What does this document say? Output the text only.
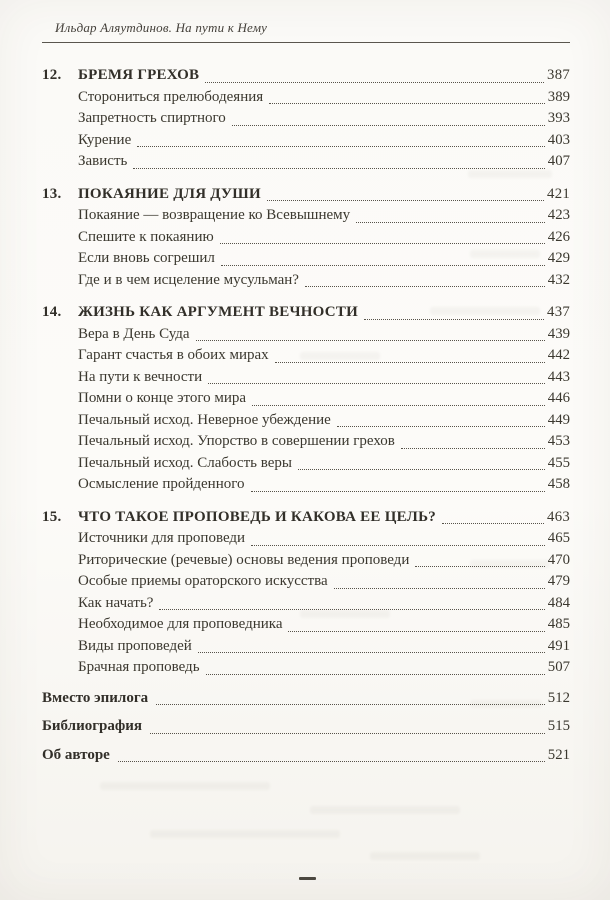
Ильдар Аляутдинов. На пути к Нему
12.	БРЕМЯ ГРЕХОВ	387
Сторониться прелюбодеяния	389
Запретность спиртного	393
Курение	403
Зависть	407
13.	ПОКАЯНИЕ ДЛЯ ДУШИ	421
Покаяние — возвращение ко Всевышнему	423
Спешите к покаянию	426
Если вновь согрешил	429
Где и в чем исцеление мусульман?	432
14.	ЖИЗНЬ КАК АРГУМЕНТ ВЕЧНОСТИ	437
Вера в День Суда	439
Гарант счастья в обоих мирах	442
На пути к вечности	443
Помни о конце этого мира	446
Печальный исход. Неверное убеждение	449
Печальный исход. Упорство в совершении грехов	453
Печальный исход. Слабость веры	455
Осмысление пройденного	458
15.	ЧТО ТАКОЕ ПРОПОВЕДЬ И КАКОВА ЕЕ ЦЕЛЬ?	463
Источники для проповеди	465
Риторические (речевые) основы ведения проповеди	470
Особые приемы ораторского искусства	479
Как начать?	484
Необходимое для проповедника	485
Виды проповедей	491
Брачная проповедь	507
Вместо эпилога	512
Библиография	515
Об авторе	521
